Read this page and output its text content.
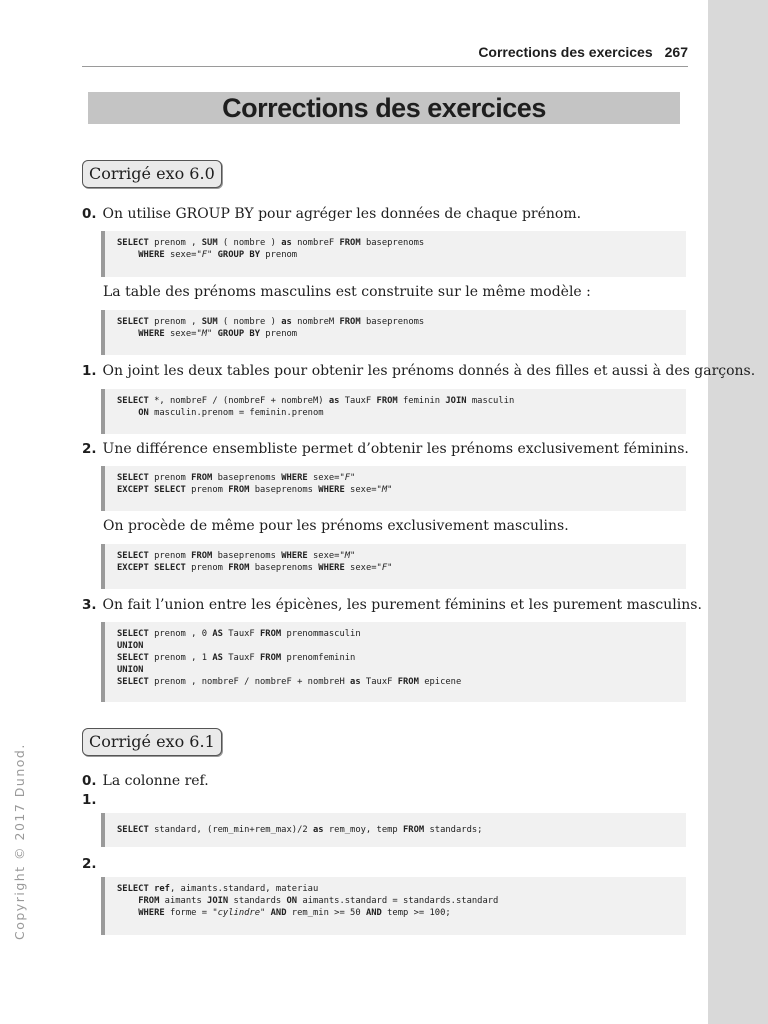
Corrections des exercices 267
Corrections des exercices
Copyright © 2017 Dunod.
Corrigé exo 6.0
0. On utilise GROUP BY pour agréger les données de chaque prénom.
SELECT prenom , SUM ( nombre ) as nombreF FROM baseprenoms
WHERE sexe="F" GROUP BY prenom
La table des prénoms masculins est construite sur le même modèle :
SELECT prenom , SUM ( nombre ) as nombreM FROM baseprenoms
WHERE sexe="M" GROUP BY prenom
1. On joint les deux tables pour obtenir les prénoms donnés à des filles et aussi à des garçons.
SELECT *, nombreF / (nombreF + nombreM) as TauxF FROM feminin JOIN masculin
ON masculin.prenom = feminin.prenom
2. Une différence ensembliste permet d’obtenir les prénoms exclusivement féminins.
SELECT prenom FROM baseprenoms WHERE sexe="F"
EXCEPT SELECT prenom FROM baseprenoms WHERE sexe="M"
On procède de même pour les prénoms exclusivement masculins.
SELECT prenom FROM baseprenoms WHERE sexe="M"
EXCEPT SELECT prenom FROM baseprenoms WHERE sexe="F"
3. On fait l’union entre les épicènes, les purement féminins et les purement masculins.
SELECT prenom , 0 AS TauxF FROM prenommasculin
UNION
SELECT prenom , 1 AS TauxF FROM prenomfeminin
UNION
SELECT prenom , nombreF / nombreF + nombreH as TauxF FROM epicene
Corrigé exo 6.1
0. La colonne ref.
1.
SELECT standard, (rem_min+rem_max)/2 as rem_moy, temp FROM standards;
2.
SELECT ref, aimants.standard, materiau
FROM aimants JOIN standards ON aimants.standard = standards.standard
WHERE forme = "cylindre" AND rem_min >= 50 AND temp >= 100;
